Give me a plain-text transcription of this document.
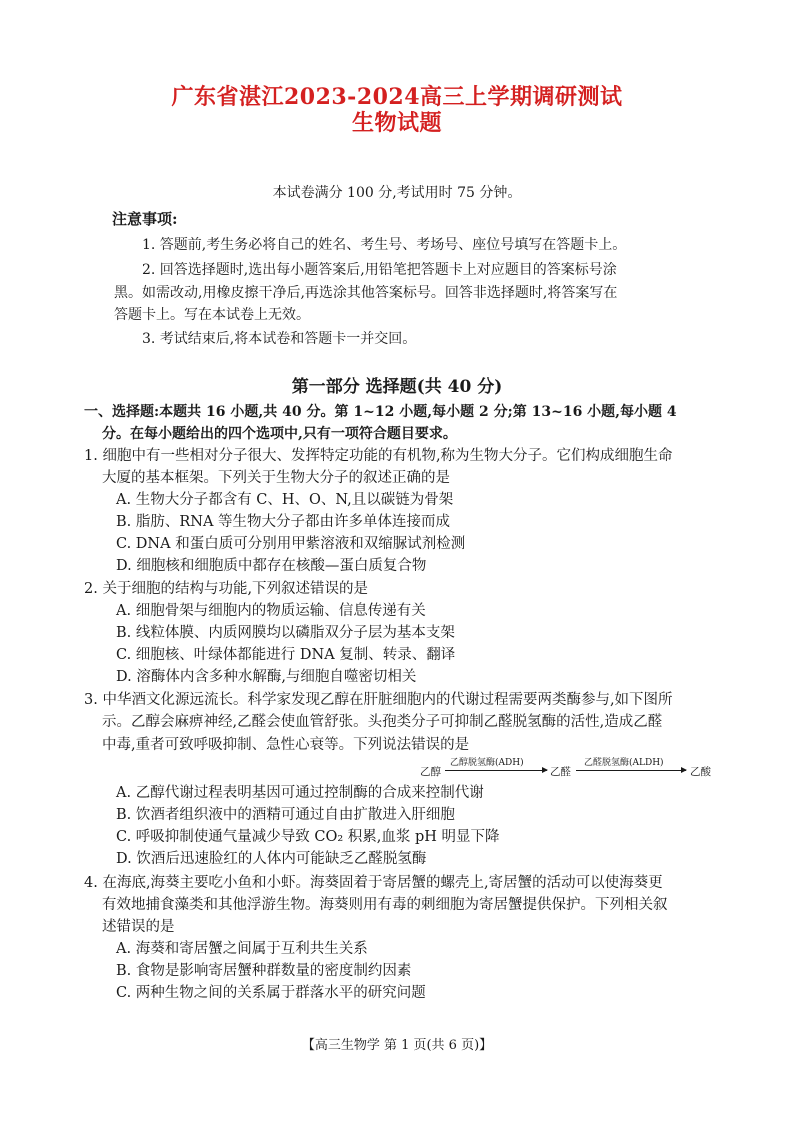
广东省湛江2023-2024高三上学期调研测试
生物试题
本试卷满分 100 分,考试用时 75 分钟。
注意事项:
1. 答题前,考生务必将自己的姓名、考生号、考场号、座位号填写在答题卡上。
2. 回答选择题时,选出每小题答案后,用铅笔把答题卡上对应题目的答案标号涂
黑。如需改动,用橡皮擦干净后,再选涂其他答案标号。回答非选择题时,将答案写在
答题卡上。写在本试卷上无效。
3. 考试结束后,将本试卷和答题卡一并交回。
第一部分 选择题(共 40 分)
一、选择题:本题共 16 小题,共 40 分。第 1~12 小题,每小题 2 分;第 13~16 小题,每小题 4
分。在每小题给出的四个选项中,只有一项符合题目要求。
1. 细胞中有一些相对分子很大、发挥特定功能的有机物,称为生物大分子。它们构成细胞生命
大厦的基本框架。下列关于生物大分子的叙述正确的是
A. 生物大分子都含有 C、H、O、N,且以碳链为骨架
B. 脂肪、RNA 等生物大分子都由许多单体连接而成
C. DNA 和蛋白质可分别用甲紫溶液和双缩脲试剂检测
D. 细胞核和细胞质中都存在核酸—蛋白质复合物
2. 关于细胞的结构与功能,下列叙述错误的是
A. 细胞骨架与细胞内的物质运输、信息传递有关
B. 线粒体膜、内质网膜均以磷脂双分子层为基本支架
C. 细胞核、叶绿体都能进行 DNA 复制、转录、翻译
D. 溶酶体内含多种水解酶,与细胞自噬密切相关
3. 中华酒文化源远流长。科学家发现乙醇在肝脏细胞内的代谢过程需要两类酶参与,如下图所
示。乙醇会麻痹神经,乙醛会使血管舒张。头孢类分子可抑制乙醛脱氢酶的活性,造成乙醛
中毒,重者可致呼吸抑制、急性心衰等。下列说法错误的是
乙醇
乙醇脱氢酶(ADH)
乙醛
乙醛脱氢酶(ALDH)
乙酸
A. 乙醇代谢过程表明基因可通过控制酶的合成来控制代谢
B. 饮酒者组织液中的酒精可通过自由扩散进入肝细胞
C. 呼吸抑制使通气量减少导致 CO₂ 积累,血浆 pH 明显下降
D. 饮酒后迅速脸红的人体内可能缺乏乙醛脱氢酶
4. 在海底,海葵主要吃小鱼和小虾。海葵固着于寄居蟹的螺壳上,寄居蟹的活动可以使海葵更
有效地捕食藻类和其他浮游生物。海葵则用有毒的刺细胞为寄居蟹提供保护。下列相关叙
述错误的是
A. 海葵和寄居蟹之间属于互利共生关系
B. 食物是影响寄居蟹种群数量的密度制约因素
C. 两种生物之间的关系属于群落水平的研究问题
【高三生物学 第 1 页(共 6 页)】
